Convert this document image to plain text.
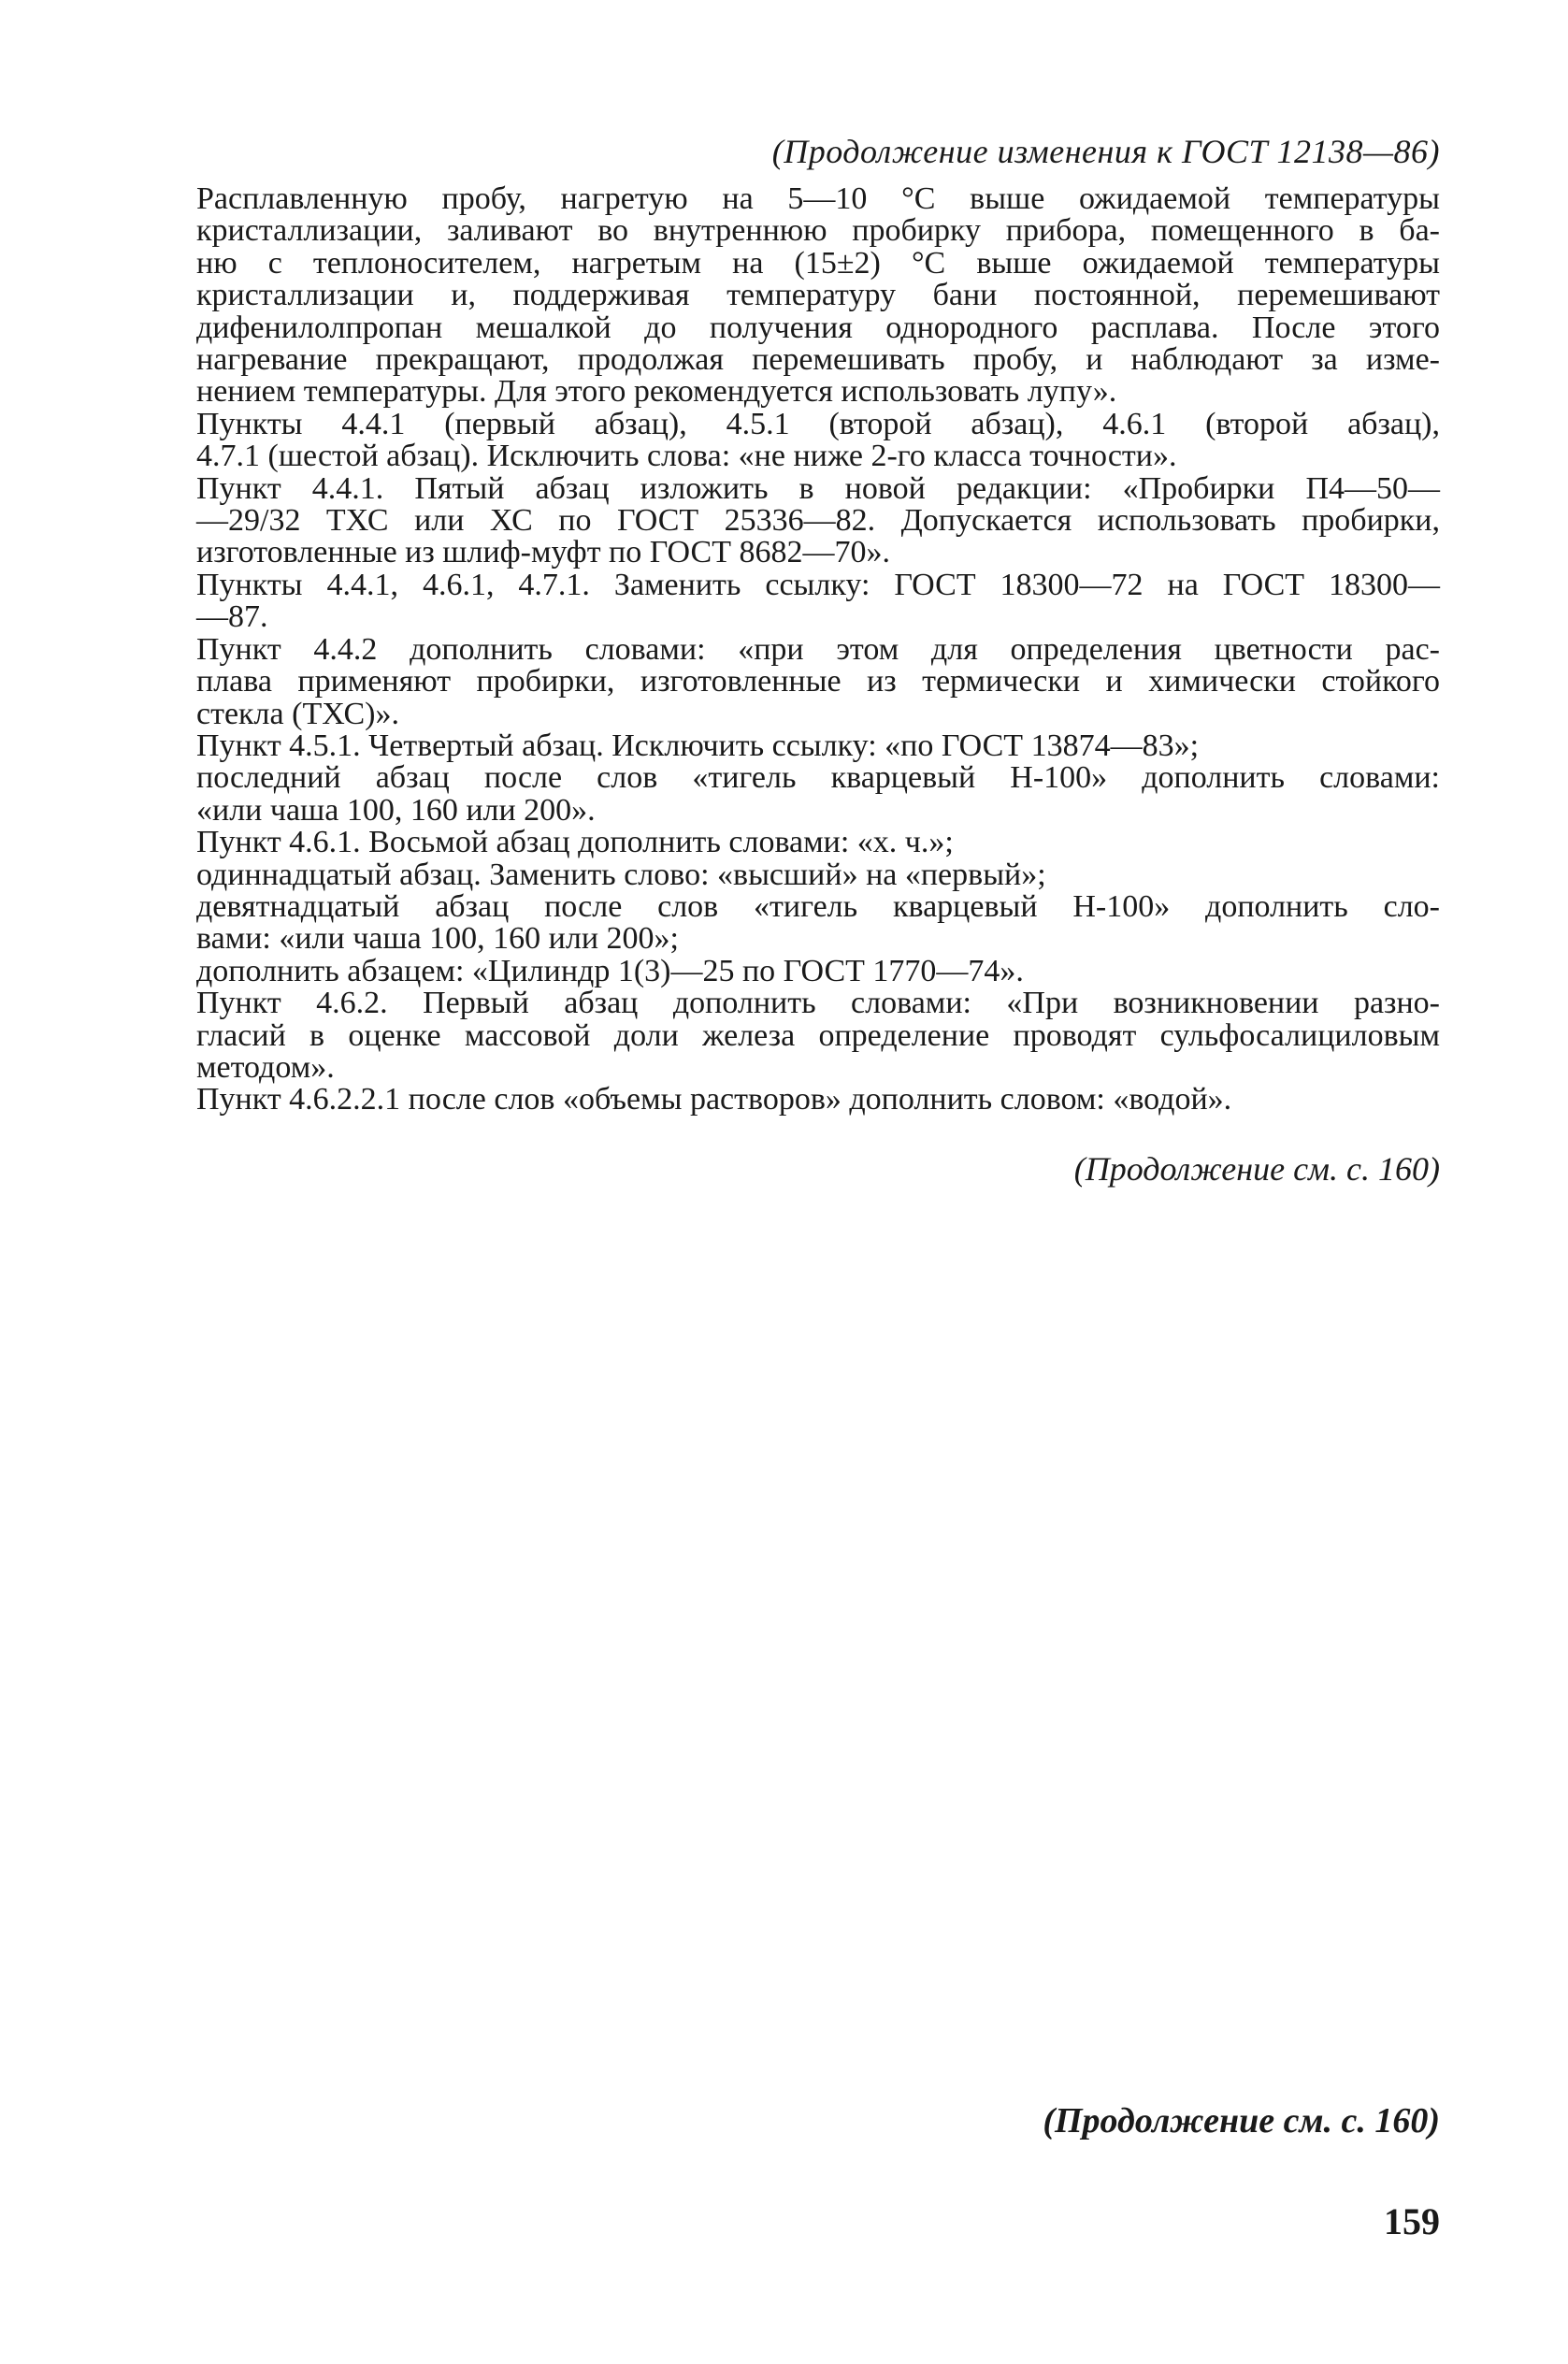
(Продолжение изменения к ГОСТ 12138—86)
Расплавленную пробу, нагретую на 5—10 °С выше ожидаемой температуры
кристаллизации, заливают во внутреннюю пробирку прибора, помещенного в ба-
ню с теплоносителем, нагретым на (15±2) °С выше ожидаемой температуры
кристаллизации и, поддерживая температуру бани постоянной, перемешивают
дифенилолпропан мешалкой до получения однородного расплава. После этого
нагревание прекращают, продолжая перемешивать пробу, и наблюдают за изме-
нением температуры. Для этого рекомендуется использовать лупу».
Пункты 4.4.1 (первый абзац), 4.5.1 (второй абзац), 4.6.1 (второй абзац),
4.7.1 (шестой абзац). Исключить слова: «не ниже 2-го класса точности».
Пункт 4.4.1. Пятый абзац изложить в новой редакции: «Пробирки П4—50—
—29/32 ТХС или ХС по ГОСТ 25336—82. Допускается использовать пробирки,
изготовленные из шлиф-муфт по ГОСТ 8682—70».
Пункты 4.4.1, 4.6.1, 4.7.1. Заменить ссылку: ГОСТ 18300—72 на ГОСТ 18300—
—87.
Пункт 4.4.2 дополнить словами: «при этом для определения цветности рас-
плава применяют пробирки, изготовленные из термически и химически стойкого
стекла (ТХС)».
Пункт 4.5.1. Четвертый абзац. Исключить ссылку: «по ГОСТ 13874—83»;
последний абзац после слов «тигель кварцевый Н-100» дополнить словами:
«или чаша 100, 160 или 200».
Пункт 4.6.1. Восьмой абзац дополнить словами: «х. ч.»;
одиннадцатый абзац. Заменить слово: «высший» на «первый»;
девятнадцатый абзац после слов «тигель кварцевый Н-100» дополнить сло-
вами: «или чаша 100, 160 или 200»;
дополнить абзацем: «Цилиндр 1(3)—25 по ГОСТ 1770—74».
Пункт 4.6.2. Первый абзац дополнить словами: «При возникновении разно-
гласий в оценке массовой доли железа определение проводят сульфосалициловым
методом».
Пункт 4.6.2.2.1 после слов «объемы растворов» дополнить словом: «водой».
(Продолжение см. с. 160)
(Продолжение см. с. 160)
159
